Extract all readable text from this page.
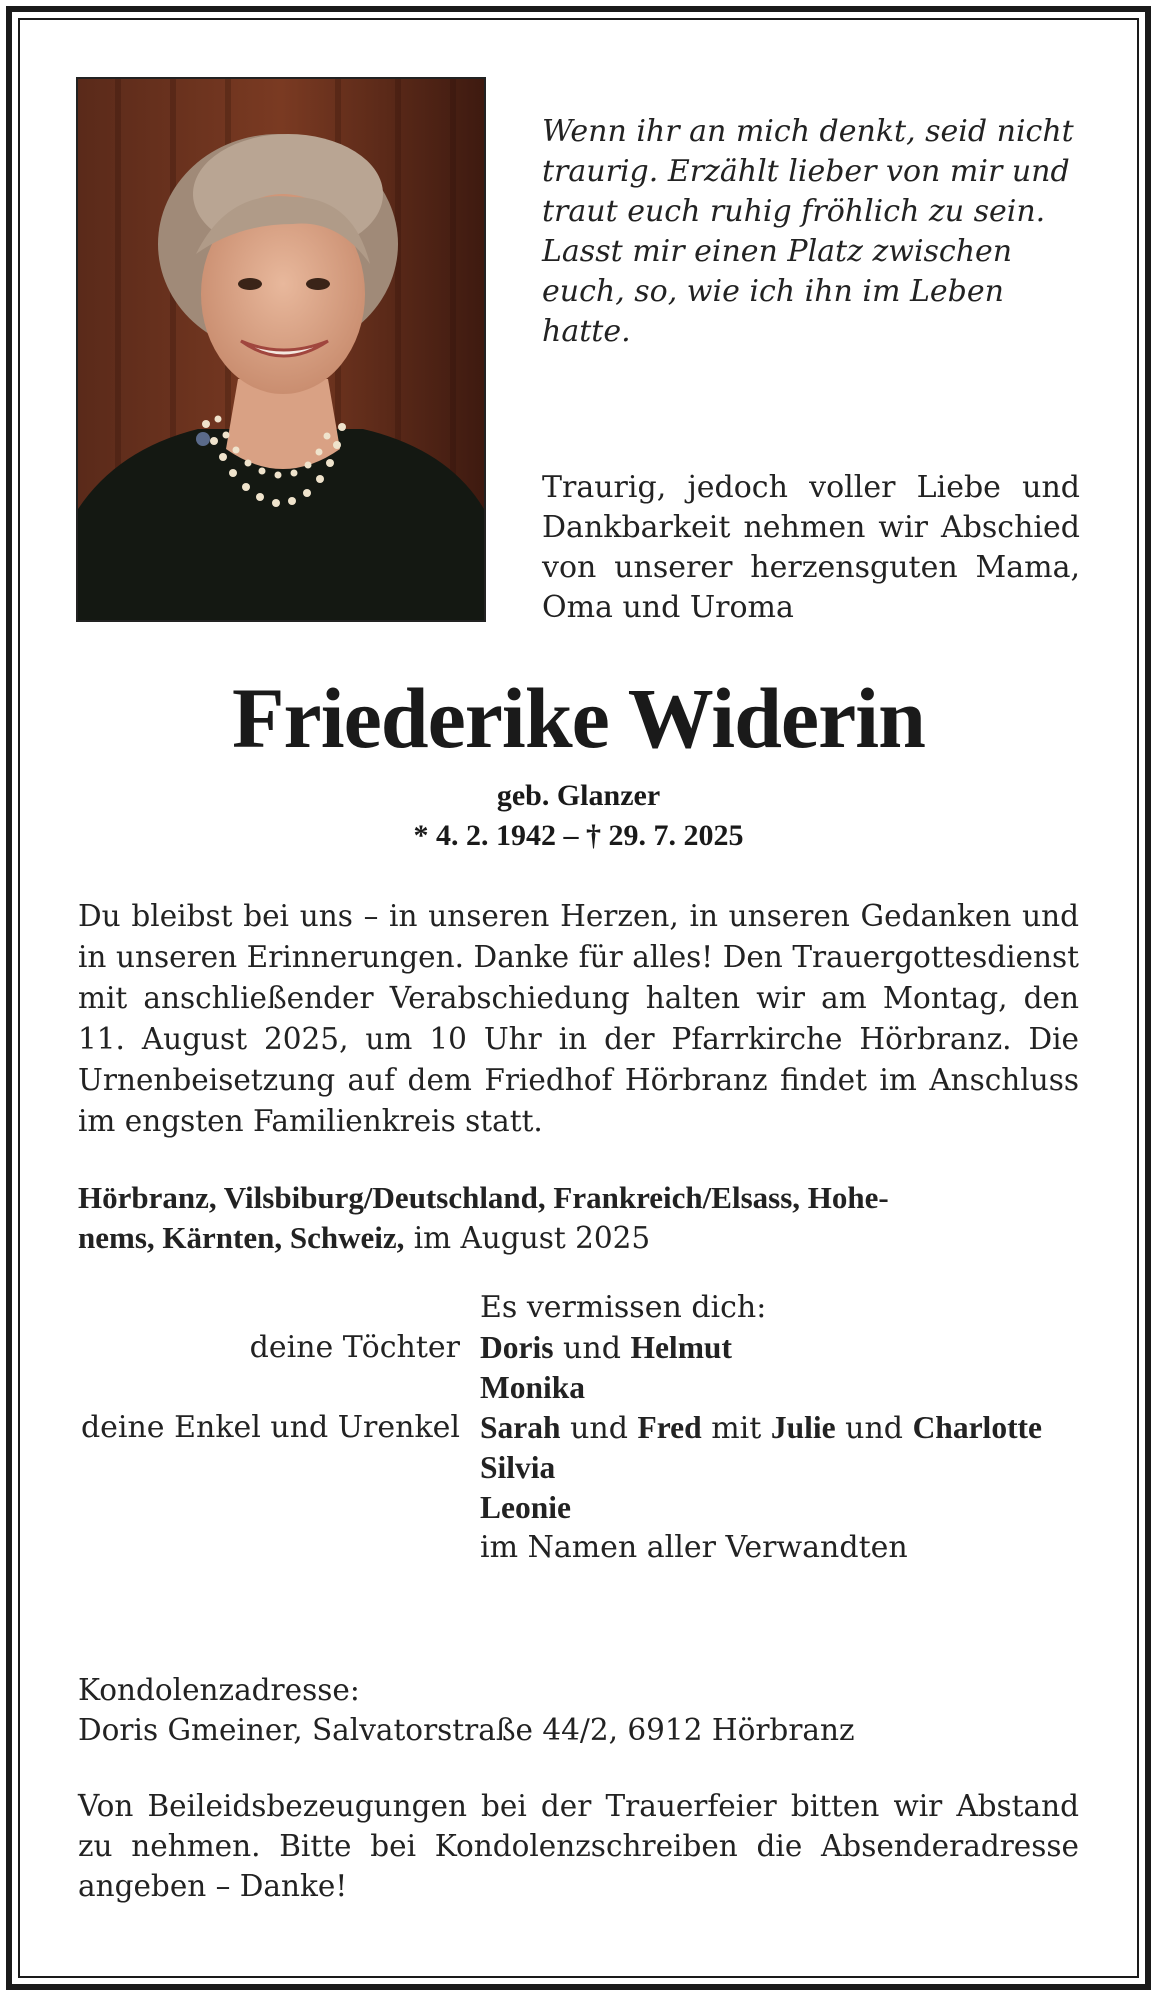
Wenn ihr an mich denkt, seid nicht
traurig. Erzählt lieber von mir und
traut euch ruhig fröhlich zu sein.
Lasst mir einen Platz zwischen
euch, so, wie ich ihn im Leben hatte.
Traurig, jedoch voller Liebe und
Dankbarkeit nehmen wir Abschied
von unserer herzensguten Mama,
Oma und Uroma
Friederike Widerin
geb. Glanzer
* 4. 2. 1942 – † 29. 7. 2025
Du bleibst bei uns – in unseren Herzen, in unseren Gedanken und
in unseren Erinnerungen. Danke für alles! Den Trauergottesdienst
mit anschließender Verabschiedung halten wir am Montag, den
11. August 2025, um 10 Uhr in der Pfarrkirche Hörbranz. Die
Urnenbeisetzung auf dem Friedhof Hörbranz findet im Anschluss
im engsten Familienkreis statt.
Hörbranz, Vilsbiburg/Deutschland, Frankreich/Elsass, Hohe-
nems, Kärnten, Schweiz, im August 2025
Es vermissen dich:
deine Töchter Doris und Helmut
Monika
deine Enkel und Urenkel Sarah und Fred mit Julie und Charlotte
Silvia
Leonie
im Namen aller Verwandten
Kondolenzadresse:
Doris Gmeiner, Salvatorstraße 44/2, 6912 Hörbranz
Von Beileidsbezeugungen bei der Trauerfeier bitten wir Abstand
zu nehmen. Bitte bei Kondolenzschreiben die Absenderadresse
angeben – Danke!
